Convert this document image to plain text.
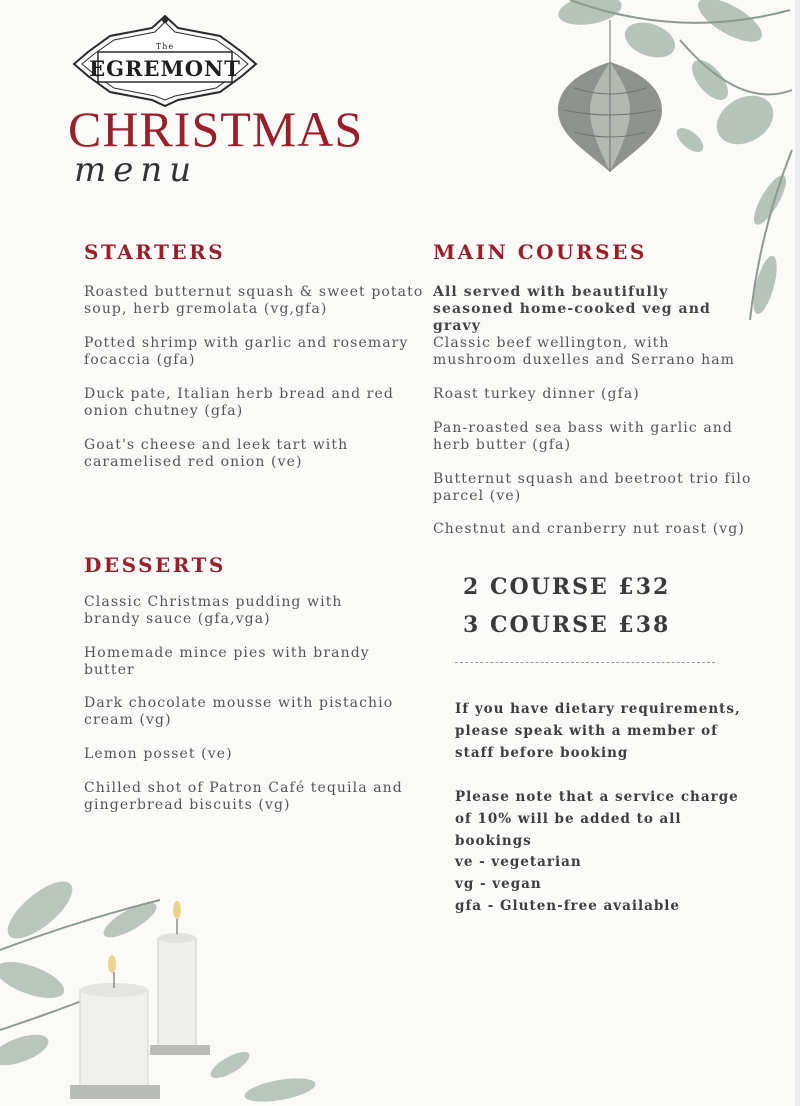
The
EGREMONT
CHRISTMAS
menu
STARTERS
Roasted butternut squash & sweet potato soup, herb gremolata (vg,gfa)
Potted shrimp with garlic and rosemary focaccia (gfa)
Duck pate, Italian herb bread and red onion chutney (gfa)
Goat's cheese and leek tart with caramelised red onion (ve)
MAIN COURSES
All served with beautifully seasoned home-cooked veg and gravy
Classic beef wellington, with mushroom duxelles and Serrano ham
Roast turkey dinner (gfa)
Pan-roasted sea bass with garlic and herb butter (gfa)
Butternut squash and beetroot trio filo parcel (ve)
Chestnut and cranberry nut roast (vg)
DESSERTS
Classic Christmas pudding with brandy sauce (gfa,vga)
Homemade mince pies with brandy butter
Dark chocolate mousse with pistachio cream (vg)
Lemon posset (ve)
Chilled shot of Patron Café tequila and gingerbread biscuits (vg)
2 COURSE £32
3 COURSE £38
If you have dietary requirements, please speak with a member of staff before booking
Please note that a service charge of 10% will be added to all bookings
ve - vegetarian
vg - vegan
gfa - Gluten-free available
